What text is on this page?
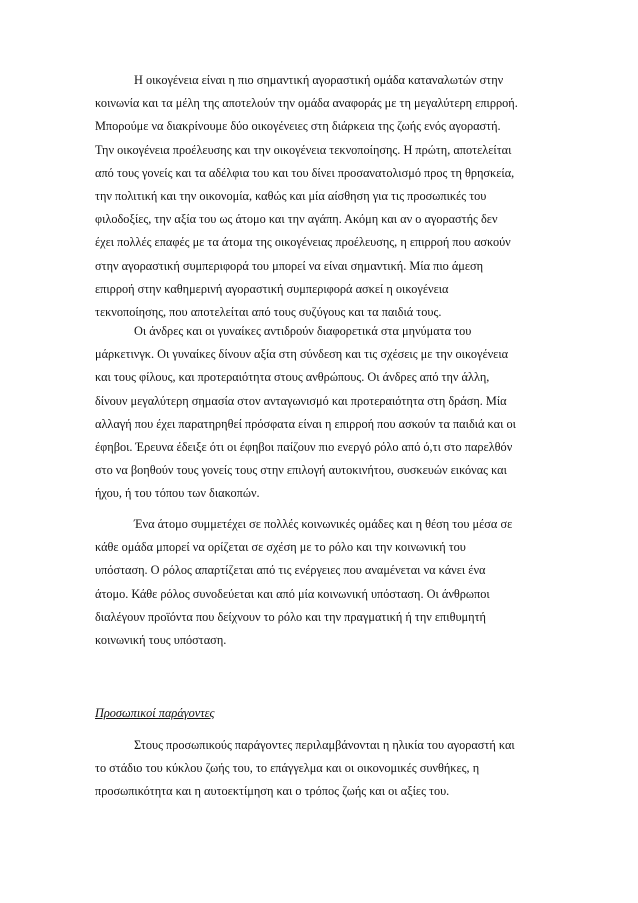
Η οικογένεια είναι η πιο σημαντική αγοραστική ομάδα καταναλωτών στην
κοινωνία και τα μέλη της αποτελούν την ομάδα αναφοράς με τη μεγαλύτερη επιρροή.
Μπορούμε να διακρίνουμε δύο οικογένειες στη διάρκεια της ζωής ενός αγοραστή.
Την οικογένεια προέλευσης και την οικογένεια τεκνοποίησης. Η πρώτη, αποτελείται
από τους γονείς και τα αδέλφια του και του δίνει προσανατολισμό προς τη θρησκεία,
την πολιτική και την οικονομία, καθώς και μία αίσθηση για τις προσωπικές του
φιλοδοξίες, την αξία του ως άτομο και την αγάπη. Ακόμη και αν ο αγοραστής δεν
έχει πολλές επαφές με τα άτομα της οικογένειας προέλευσης, η επιρροή που ασκούν
στην αγοραστική συμπεριφορά του μπορεί να είναι σημαντική. Μία πιο άμεση
επιρροή στην καθημερινή αγοραστική συμπεριφορά ασκεί η οικογένεια
τεκνοποίησης, που αποτελείται από τους συζύγους και τα παιδιά τους.
Οι άνδρες και οι γυναίκες αντιδρούν διαφορετικά στα μηνύματα του
μάρκετινγκ. Οι γυναίκες δίνουν αξία στη σύνδεση και τις σχέσεις με την οικογένεια
και τους φίλους, και προτεραιότητα στους ανθρώπους. Οι άνδρες από την άλλη,
δίνουν μεγαλύτερη σημασία στον ανταγωνισμό και προτεραιότητα στη δράση. Μία
αλλαγή που έχει παρατηρηθεί πρόσφατα είναι η επιρροή που ασκούν τα παιδιά και οι
έφηβοι. Έρευνα έδειξε ότι οι έφηβοι παίζουν πιο ενεργό ρόλο από ό,τι στο παρελθόν
στο να βοηθούν τους γονείς τους στην επιλογή αυτοκινήτου, συσκευών εικόνας και
ήχου, ή του τόπου των διακοπών.
Ένα άτομο συμμετέχει σε πολλές κοινωνικές ομάδες και η θέση του μέσα σε
κάθε ομάδα μπορεί να ορίζεται σε σχέση με το ρόλο και την κοινωνική του
υπόσταση. Ο ρόλος απαρτίζεται από τις ενέργειες που αναμένεται να κάνει ένα
άτομο. Κάθε ρόλος συνοδεύεται και από μία κοινωνική υπόσταση. Οι άνθρωποι
διαλέγουν προϊόντα που δείχνουν το ρόλο και την πραγματική ή την επιθυμητή
κοινωνική τους υπόσταση.
Προσωπικοί παράγοντες
Στους προσωπικούς παράγοντες περιλαμβάνονται η ηλικία του αγοραστή και
το στάδιο του κύκλου ζωής του, το επάγγελμα και οι οικονομικές συνθήκες, η
προσωπικότητα και η αυτοεκτίμηση και ο τρόπος ζωής και οι αξίες του.
